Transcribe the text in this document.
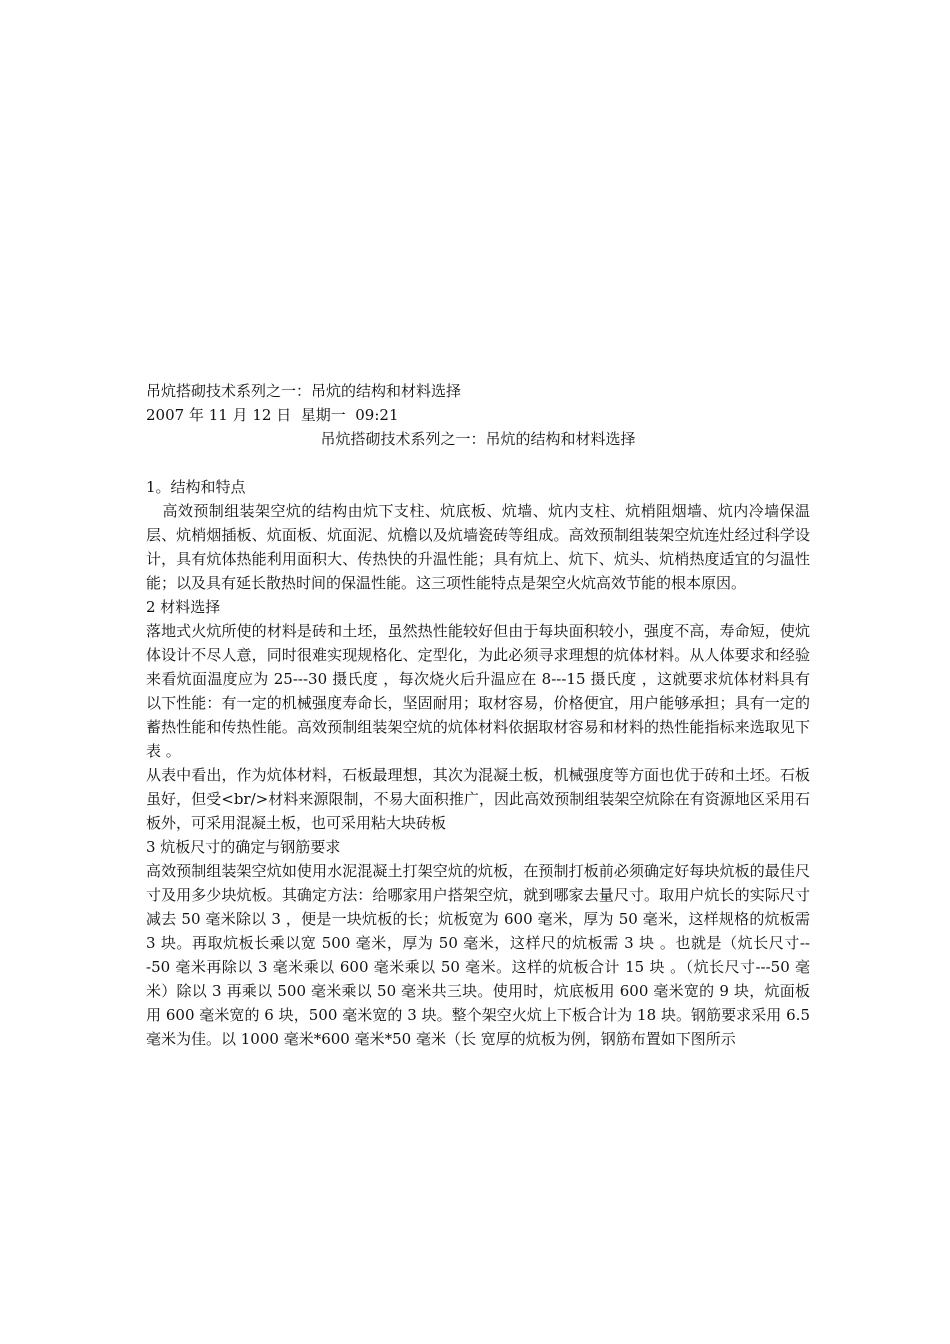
吊炕搭砌技术系列之一：吊炕的结构和材料选择

2007 年 11 月 12 日  星期一  09:21

吊炕搭砌技术系列之一：吊炕的结构和材料选择

1。结构和特点

高效预制组装架空炕的结构由炕下支柱、炕底板、炕墙、炕内支柱、炕梢阻烟墙、炕内冷墙保温层、炕梢烟插板、炕面板、炕面泥、炕檐以及炕墙瓷砖等组成。高效预制组装架空炕连灶经过科学设计，具有炕体热能利用面积大、传热快的升温性能；具有炕上、炕下、炕头、炕梢热度适宜的匀温性能；以及具有延长散热时间的保温性能。这三项性能特点是架空火炕高效节能的根本原因。

2 材料选择

落地式火炕所使的材料是砖和土坯，虽然热性能较好但由于每块面积较小，强度不高，寿命短，使炕体设计不尽人意，同时很难实现规格化、定型化，为此必须寻求理想的炕体材料。从人体要求和经验来看炕面温度应为 25---30 摄氏度 ，每次烧火后升温应在 8---15 摄氏度 ，这就要求炕体材料具有以下性能：有一定的机械强度寿命长，坚固耐用；取材容易，价格便宜，用户能够承担；具有一定的蓄热性能和传热性能。高效预制组装架空炕的炕体材料依据取材容易和材料的热性能指标来选取见下表 。

从表中看出，作为炕体材料，石板最理想，其次为混凝土板，机械强度等方面也优于砖和土坯。石板虽好，但受<br/>材料来源限制，不易大面积推广，因此高效预制组装架空炕除在有资源地区采用石板外，可采用混凝土板，也可采用粘大块砖板

3 炕板尺寸的确定与钢筋要求

高效预制组装架空炕如使用水泥混凝土打架空炕的炕板，在预制打板前必须确定好每块炕板的最佳尺寸及用多少块炕板。其确定方法：给哪家用户搭架空炕，就到哪家去量尺寸。取用户炕长的实际尺寸减去 50 毫米除以 3 ，便是一块炕板的长；炕板宽为 600 毫米，厚为 50 毫米，这样规格的炕板需 3 块。再取炕板长乘以宽 500 毫米，厚为 50 毫米，这样尺的炕板需 3 块 。也就是（炕长尺寸---50 毫米再除以 3 毫米乘以 600 毫米乘以 50 毫米。这样的炕板合计 15 块 。（炕长尺寸---50 毫米）除以 3 再乘以 500 毫米乘以 50 毫米共三块。使用时，炕底板用 600 毫米宽的 9 块，炕面板用 600 毫米宽的 6 块，500 毫米宽的 3 块。整个架空火炕上下板合计为 18 块。钢筋要求采用 6.5 毫米为佳。以 1000 毫米*600 毫米*50 毫米（长 宽厚的炕板为例，钢筋布置如下图所示
